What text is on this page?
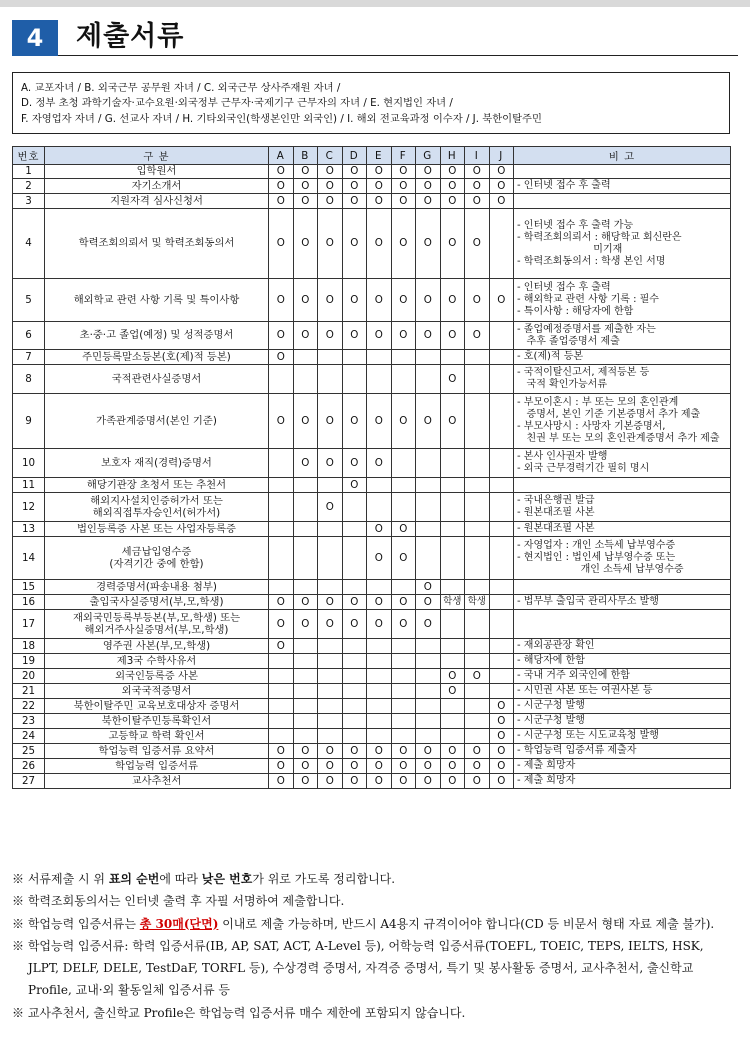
4	제출서류
A. 교포자녀 / B. 외국근무 공무원 자녀 / C. 외국근무 상사주재원 자녀 /
D. 정부 초청 과학기술자·교수요원·외국정부 근무자·국제기구 근무자의 자녀 / E. 현지법인 자녀 /
F. 자영업자 자녀 / G. 선교사 자녀 / H. 기타외국인(학생본인만 외국인) / I. 해외 전교육과정 이수자 / J. 북한이탈주민
번호	구 분	A	B	C	D	E	F	G	H	I	J	비 고
1	입학원서	O	O	O	O	O	O	O	O	O	O	
2	자기소개서	O	O	O	O	O	O	O	O	O	O	- 인터넷 접수 후 출력
3	지원자격 심사신청서	O	O	O	O	O	O	O	O	O	O	
4	학력조회의뢰서 및 학력조회동의서	O	O	O	O	O	O	O	O	O		- 인터넷 접수 후 출력 가능
- 학력조회의뢰서 : 해당학교 회신란은
미기재
- 학력조회동의서 : 학생 본인 서명
5	해외학교 관련 사항 기록 및 특이사항	O	O	O	O	O	O	O	O	O	O	- 인터넷 접수 후 출력
- 해외학교 관련 사항 기록 : 필수
- 특이사항 : 해당자에 한함
6	초·중·고 졸업(예정) 및 성적증명서	O	O	O	O	O	O	O	O	O		- 졸업예정증명서를 제출한 자는
추후 졸업증명서 제출
7	주민등록말소등본(호(제)적 등본)	O										- 호(제)적 등본
8	국적관련사실증명서								O			- 국적이탈신고서, 제적등본 등
국적 확인가능서류
9	가족관계증명서(본인 기준)	O	O	O	O	O	O	O	O			- 부모이혼시 : 부 또는 모의 혼인관계
증명서, 본인 기준 기본증명서 추가 제출
- 부모사망시 : 사망자 기본증명서,
친권 부 또는 모의 혼인관계증명서 추가 제출
10	보호자 재직(경력)증명서		O	O	O	O						- 본사 인사권자 발행
- 외국 근무경력기간 필히 명시
11	해당기관장 초청서 또는 추천서				O							
12	해외지사설치인증허가서 또는
해외직접투자승인서(허가서)			O								- 국내은행권 발급
- 원본대조필 사본
13	법인등록증 사본 또는 사업자등록증					O	O					- 원본대조필 사본
14	세금납입영수증
(자격기간 중에 한함)					O	O					- 자영업자 : 개인 소득세 납부영수증
- 현지법인 : 법인세 납부영수증 또는
개인 소득세 납부영수증
15	경력증명서(파송내용 첨부)							O				
16	출입국사실증명서(부,모,학생)	O	O	O	O	O	O	O	학생	학생		- 법무부 출입국 관리사무소 발행
17	재외국민등록부등본(부,모,학생) 또는
해외거주사실증명서(부,모,학생)	O	O	O	O	O	O	O				
18	영주권 사본(부,모,학생)	O										- 재외공관장 확인
19	제3국 수학사유서											- 해당자에 한함
20	외국인등록증 사본								O	O		- 국내 거주 외국인에 한함
21	외국국적증명서								O			- 시민권 사본 또는 여권사본 등
22	북한이탈주민 교육보호대상자 증명서										O	- 시군구청 발행
23	북한이탈주민등록확인서										O	- 시군구청 발행
24	고등학교 학력 확인서										O	- 시군구청 또는 시도교육청 발행
25	학업능력 입증서류 요약서	O	O	O	O	O	O	O	O	O	O	- 학업능력 입증서류 제출자
26	학업능력 입증서류	O	O	O	O	O	O	O	O	O	O	- 제출 희망자
27	교사추천서	O	O	O	O	O	O	O	O	O	O	- 제출 희망자

※ 서류제출 시 위 표의 순번에 따라 낮은 번호가 위로 가도록 정리합니다.

※ 학력조회동의서는 인터넷 출력 후 자필 서명하여 제출합니다.

※ 학업능력 입증서류는 총 30매(단면) 이내로 제출 가능하며, 반드시 A4용지 규격이어야 합니다(CD 등 비문서 형태 자료 제출 불가).

※ 학업능력 입증서류: 학력 입증서류(IB, AP, SAT, ACT, A-Level 등), 어학능력 입증서류(TOEFL, TOEIC, TEPS, IELTS, HSK, JLPT, DELF, DELE, TestDaF, TORFL 등), 수상경력 증명서, 자격증 증명서, 특기 및 봉사활동 증명서, 교사추천서, 출신학교 Profile, 교내·외 활동일체 입증서류 등

※ 교사추천서, 출신학교 Profile은 학업능력 입증서류 매수 제한에 포함되지 않습니다.
